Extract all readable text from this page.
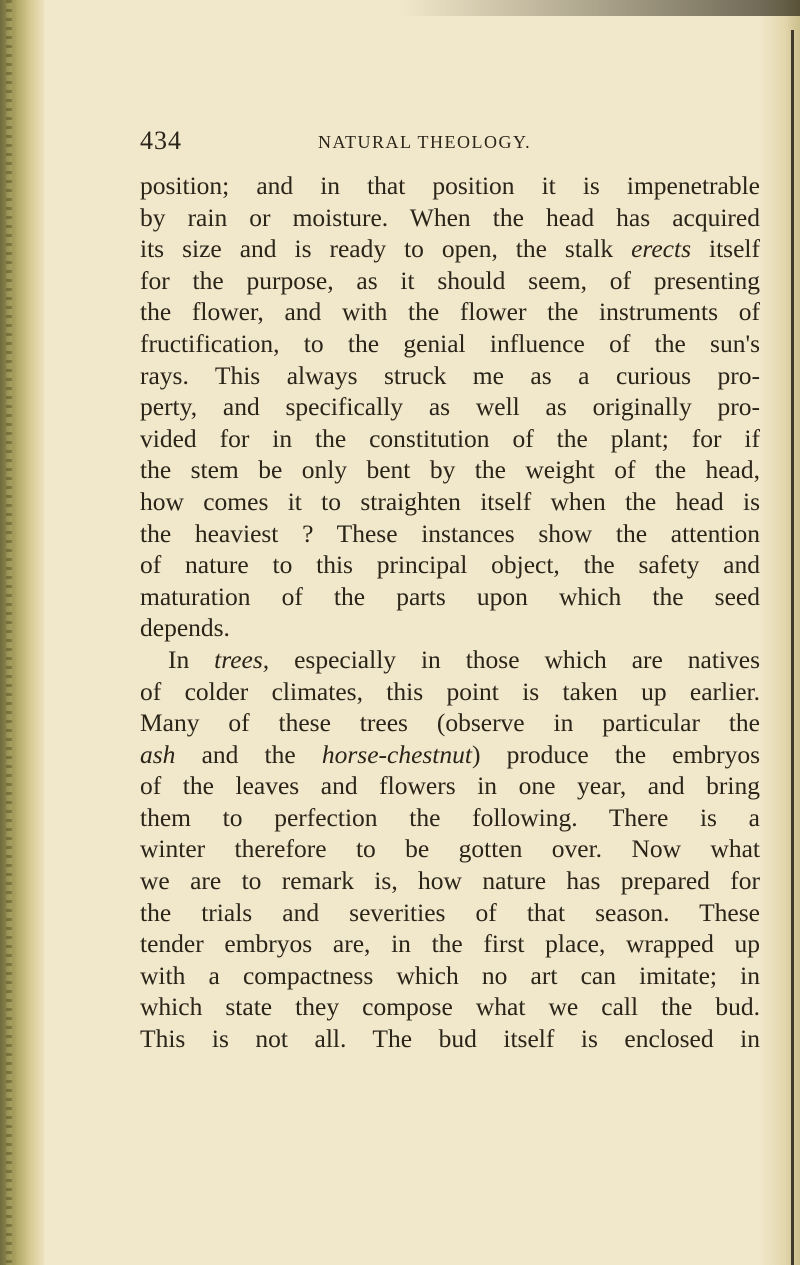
434	NATURAL THEOLOGY.
position; and in that position it is impenetrable
by rain or moisture. When the head has acquired
its size and is ready to open, the stalk erects itself
for the purpose, as it should seem, of presenting
the flower, and with the flower the instruments of
fructification, to the genial influence of the sun's
rays. This always struck me as a curious pro-
perty, and specifically as well as originally pro-
vided for in the constitution of the plant; for if
the stem be only bent by the weight of the head,
how comes it to straighten itself when the head is
the heaviest ? These instances show the attention
of nature to this principal object, the safety and
maturation of the parts upon which the seed
depends.
In trees, especially in those which are natives
of colder climates, this point is taken up earlier.
Many of these trees (observe in particular the
ash and the horse-chestnut) produce the embryos
of the leaves and flowers in one year, and bring
them to perfection the following. There is a
winter therefore to be gotten over. Now what
we are to remark is, how nature has prepared for
the trials and severities of that season. These
tender embryos are, in the first place, wrapped up
with a compactness which no art can imitate; in
which state they compose what we call the bud.
This is not all. The bud itself is enclosed in
